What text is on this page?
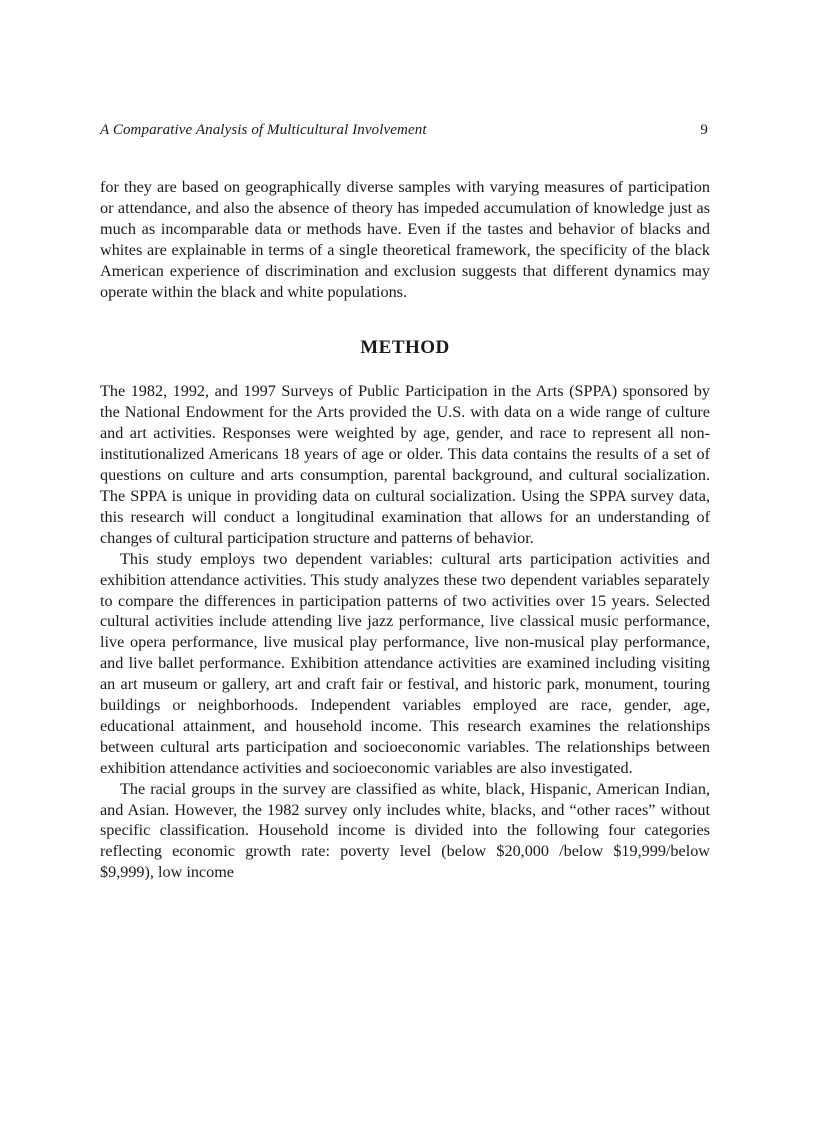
A Comparative Analysis of Multicultural Involvement	9

for they are based on geographically diverse samples with varying measures of participation or attendance, and also the absence of theory has impeded accumulation of knowledge just as much as incomparable data or methods have. Even if the tastes and behavior of blacks and whites are explainable in terms of a single theoretical framework, the specificity of the black American experience of discrimination and exclusion suggests that different dynamics may operate within the black and white populations.

METHOD

The 1982, 1992, and 1997 Surveys of Public Participation in the Arts (SPPA) sponsored by the National Endowment for the Arts provided the U.S. with data on a wide range of culture and art activities. Responses were weighted by age, gender, and race to represent all non-institutionalized Americans 18 years of age or older. This data contains the results of a set of questions on culture and arts consumption, parental background, and cultural socialization. The SPPA is unique in providing data on cultural socialization. Using the SPPA survey data, this research will conduct a longitudinal examination that allows for an understanding of changes of cultural participation structure and patterns of behavior.

This study employs two dependent variables: cultural arts participation activities and exhibition attendance activities. This study analyzes these two dependent variables separately to compare the differences in participation patterns of two activities over 15 years. Selected cultural activities include attending live jazz performance, live classical music performance, live opera performance, live musical play performance, live non-musical play performance, and live ballet performance. Exhibition attendance activities are examined including visiting an art museum or gallery, art and craft fair or festival, and historic park, monument, touring buildings or neighborhoods. Independent variables employed are race, gender, age, educational attainment, and household income. This research examines the relationships between cultural arts participation and socioeconomic variables. The relationships between exhibition attendance activities and socioeconomic variables are also investigated.

The racial groups in the survey are classified as white, black, Hispanic, American Indian, and Asian. However, the 1982 survey only includes white, blacks, and “other races” without specific classification. Household income is divided into the following four categories reflecting economic growth rate: poverty level (below $20,000 /below $19,999/below $9,999), low income
